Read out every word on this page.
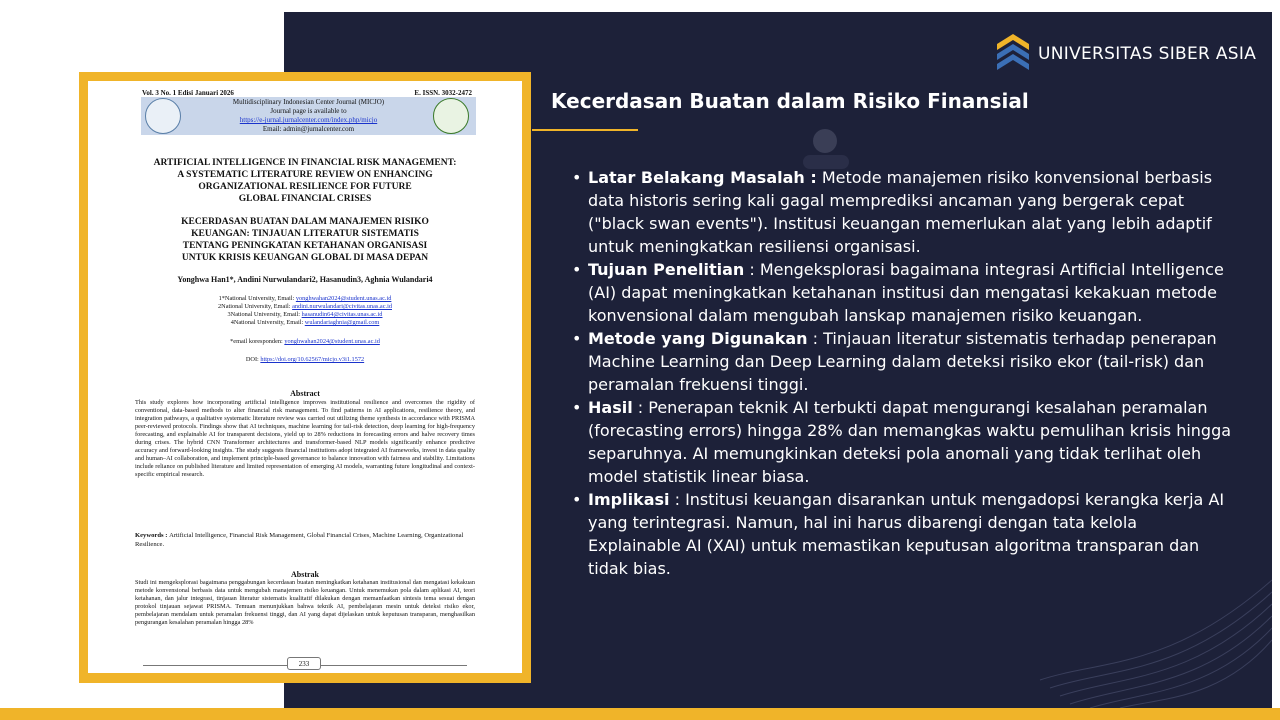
UNIVERSITAS SIBER ASIA
Kecerdasan Buatan dalam Risiko Finansial
• Latar Belakang Masalah : Metode manajemen risiko konvensional berbasis data historis sering kali gagal memprediksi ancaman yang bergerak cepat ("black swan events"). Institusi keuangan memerlukan alat yang lebih adaptif untuk meningkatkan resiliensi organisasi.
• Tujuan Penelitian : Mengeksplorasi bagaimana integrasi Artificial Intelligence (AI) dapat meningkatkan ketahanan institusi dan mengatasi kekakuan metode konvensional dalam mengubah lanskap manajemen risiko keuangan.
• Metode yang Digunakan : Tinjauan literatur sistematis terhadap penerapan Machine Learning dan Deep Learning dalam deteksi risiko ekor (tail-risk) dan peramalan frekuensi tinggi.
• Hasil : Penerapan teknik AI terbukti dapat mengurangi kesalahan peramalan (forecasting errors) hingga 28% dan memangkas waktu pemulihan krisis hingga separuhnya. AI memungkinkan deteksi pola anomali yang tidak terlihat oleh model statistik linear biasa.
• Implikasi : Institusi keuangan disarankan untuk mengadopsi kerangka kerja AI yang terintegrasi. Namun, hal ini harus dibarengi dengan tata kelola Explainable AI (XAI) untuk memastikan keputusan algoritma transparan dan tidak bias.
Vol. 3 No. 1 Edisi Januari 2026	E. ISSN. 3032-2472
Multidisciplinary Indonesian Center Journal (MICJO)
Journal page is available to
https://e-jurnal.jurnalcenter.com/index.php/micjo
Email: admin@jurnalcenter.com
ARTIFICIAL INTELLIGENCE IN FINANCIAL RISK MANAGEMENT:
A SYSTEMATIC LITERATURE REVIEW ON ENHANCING
ORGANIZATIONAL RESILIENCE FOR FUTURE
GLOBAL FINANCIAL CRISES
KECERDASAN BUATAN DALAM MANAJEMEN RISIKO
KEUANGAN: TINJAUAN LITERATUR SISTEMATIS
TENTANG PENINGKATAN KETAHANAN ORGANISASI
UNTUK KRISIS KEUANGAN GLOBAL DI MASA DEPAN
Yonghwa Han1*, Andini Nurwulandari2, Hasanudin3, Aghnia Wulandari4
1*National University, Email: yonghwahan2024@student.unas.ac.id
2National University, Email: andini.nurwulandari@civitas.unas.ac.id
3National University, Email: hasanudin64@civitas.unas.ac.id
4National University, Email: wulandariaghnia@gmail.com
*email koresponden: yonghwahan2024@student.unas.ac.id
DOI: https://doi.org/10.62567/micjo.v3i1.1572
Abstract
This study explores how incorporating artificial intelligence improves institutional resilience and overcomes the rigidity of conventional, data-based methods to alter financial risk management. To find patterns in AI applications, resilience theory, and integration pathways, a qualitative systematic literature review was carried out utilizing theme synthesis in accordance with PRISMA peer-reviewed protocols. Findings show that AI techniques, machine learning for tail-risk detection, deep learning for high-frequency forecasting, and explainable AI for transparent decisions, yield up to 28% reductions in forecasting errors and halve recovery times during crises. The hybrid CNN Transformer architectures and transformer-based NLP models significantly enhance predictive accuracy and forward-looking insights. The study suggests financial institutions adopt integrated AI frameworks, invest in data quality and human–AI collaboration, and implement principle-based governance to balance innovation with fairness and stability. Limitations include reliance on published literature and limited representation of emerging AI models, warranting future longitudinal and context-specific empirical research.
Keywords : Artificial Intelligence, Financial Risk Management, Global Financial Crises, Machine Learning, Organizational Resilience.
Abstrak
Studi ini mengeksplorasi bagaimana penggabungan kecerdasan buatan meningkatkan ketahanan institusional dan mengatasi kekakuan metode konvensional berbasis data untuk mengubah manajemen risiko keuangan. Untuk menemukan pola dalam aplikasi AI, teori ketahanan, dan jalur integrasi, tinjauan literatur sistematis kualitatif dilakukan dengan memanfaatkan sintesis tema sesuai dengan protokol tinjauan sejawat PRISMA. Temuan menunjukkan bahwa teknik AI, pembelajaran mesin untuk deteksi risiko ekor, pembelajaran mendalam untuk peramalan frekuensi tinggi, dan AI yang dapat dijelaskan untuk keputusan transparan, menghasilkan pengurangan kesalahan peramalan hingga 28%
233
